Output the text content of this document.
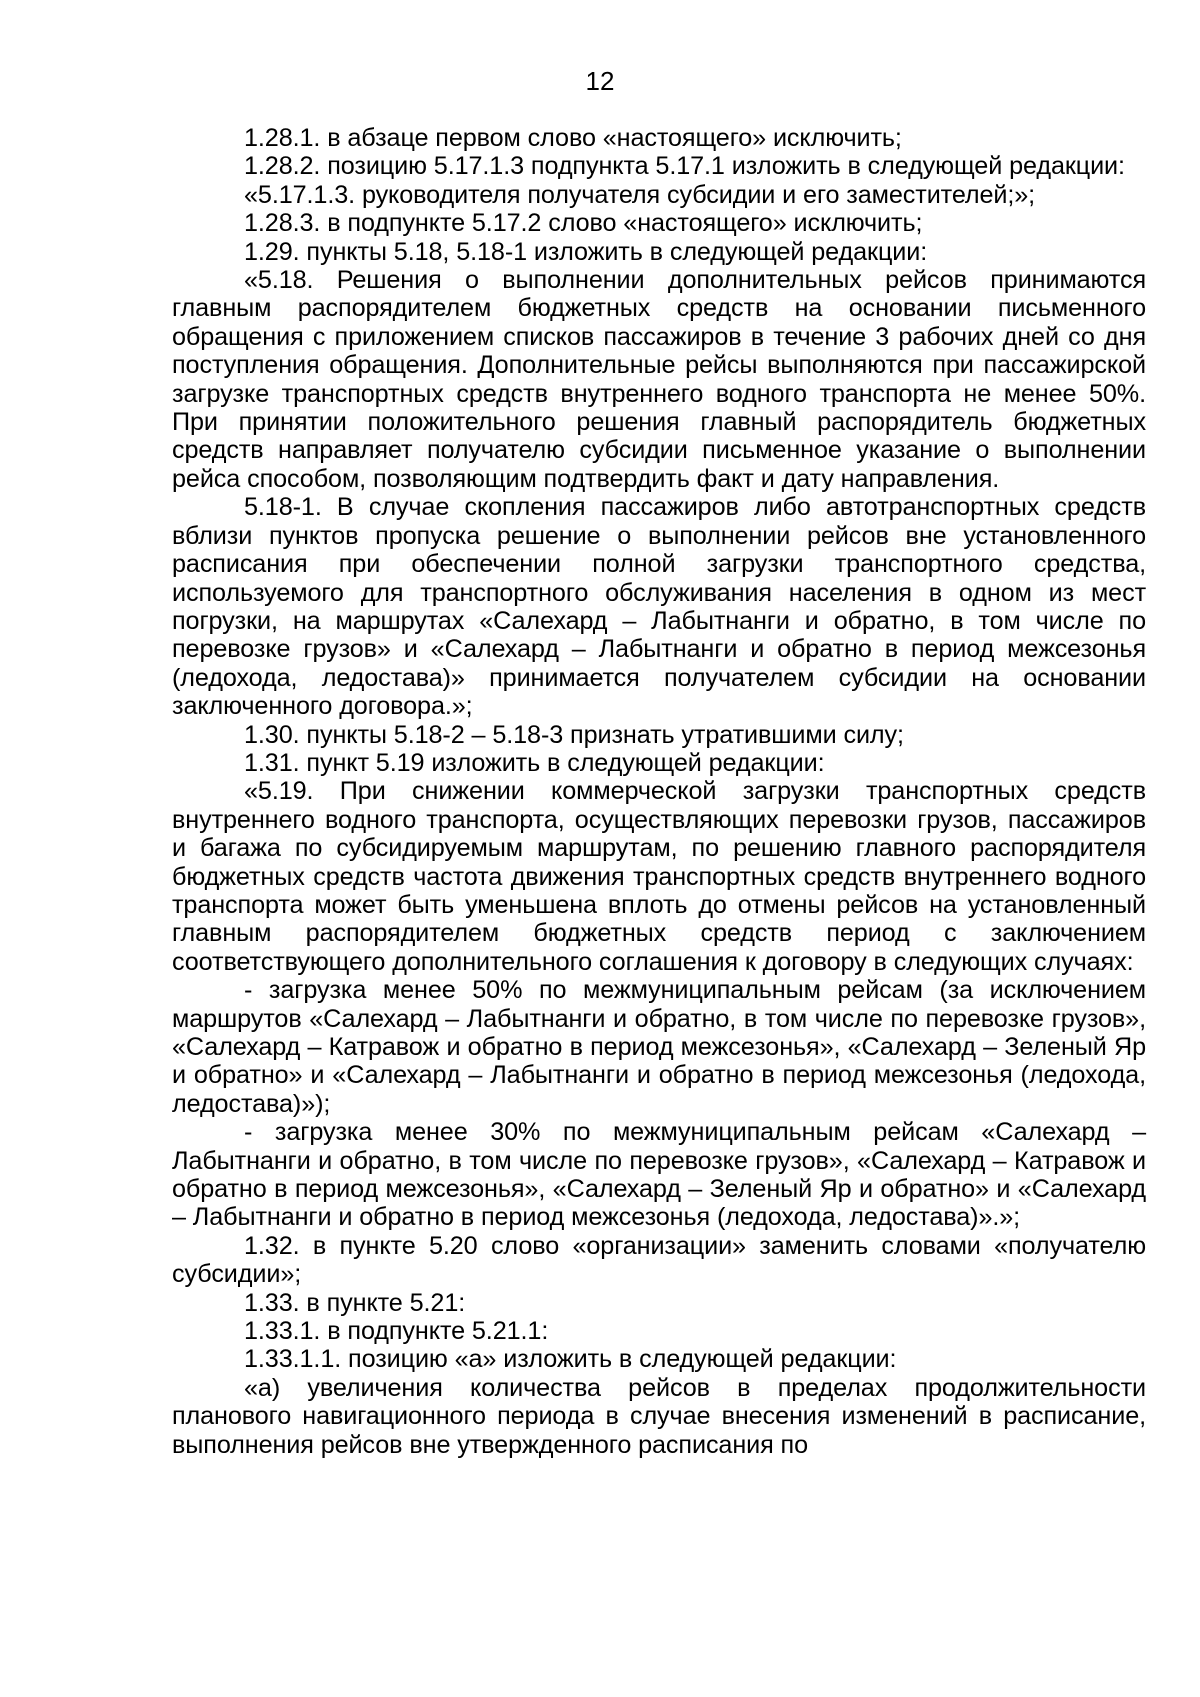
12

1.28.1. в абзаце первом слово «настоящего» исключить;

1.28.2. позицию 5.17.1.3 подпункта 5.17.1 изложить в следующей редакции:

«5.17.1.3. руководителя получателя субсидии и его заместителей;»;

1.28.3. в подпункте 5.17.2 слово «настоящего» исключить;

1.29. пункты 5.18, 5.18-1 изложить в следующей редакции:

«5.18. Решения о выполнении дополнительных рейсов принимаются главным распорядителем бюджетных средств на основании письменного обращения с приложением списков пассажиров в течение 3 рабочих дней со дня поступления обращения. Дополнительные рейсы выполняются при пассажирской загрузке транспортных средств внутреннего водного транспорта не менее 50%. При принятии положительного решения главный распорядитель бюджетных средств направляет получателю субсидии письменное указание о выполнении рейса способом, позволяющим подтвердить факт и дату направления.

5.18-1. В случае скопления пассажиров либо автотранспортных средств вблизи пунктов пропуска решение о выполнении рейсов вне установленного расписания при обеспечении полной загрузки транспортного средства, используемого для транспортного обслуживания населения в одном из мест погрузки, на маршрутах «Салехард – Лабытнанги и обратно, в том числе по перевозке грузов» и «Салехард – Лабытнанги и обратно в период межсезонья (ледохода, ледостава)» принимается получателем субсидии на основании заключенного договора.»;

1.30. пункты 5.18-2 – 5.18-3 признать утратившими силу;

1.31. пункт 5.19 изложить в следующей редакции:

«5.19. При снижении коммерческой загрузки транспортных средств внутреннего водного транспорта, осуществляющих перевозки грузов, пассажиров и багажа по субсидируемым маршрутам, по решению главного распорядителя бюджетных средств частота движения транспортных средств внутреннего водного транспорта может быть уменьшена вплоть до отмены рейсов на установленный главным распорядителем бюджетных средств период с заключением соответствующего дополнительного соглашения к договору в следующих случаях:

- загрузка менее 50% по межмуниципальным рейсам (за исключением маршрутов «Салехард – Лабытнанги и обратно, в том числе по перевозке грузов», «Салехард – Катравож и обратно в период межсезонья», «Салехард – Зеленый Яр и обратно» и «Салехард – Лабытнанги и обратно в период межсезонья (ледохода, ледостава)»);

- загрузка менее 30% по межмуниципальным рейсам «Салехард – Лабытнанги и обратно, в том числе по перевозке грузов», «Салехард – Катравож и обратно в период межсезонья», «Салехард – Зеленый Яр и обратно» и «Салехард – Лабытнанги и обратно в период межсезонья (ледохода, ледостава)».»;

1.32. в пункте 5.20 слово «организации» заменить словами «получателю субсидии»;

1.33. в пункте 5.21:

1.33.1. в подпункте 5.21.1:

1.33.1.1. позицию «а» изложить в следующей редакции:

«а) увеличения количества рейсов в пределах продолжительности планового навигационного периода в случае внесения изменений в расписание, выполнения рейсов вне утвержденного расписания по
